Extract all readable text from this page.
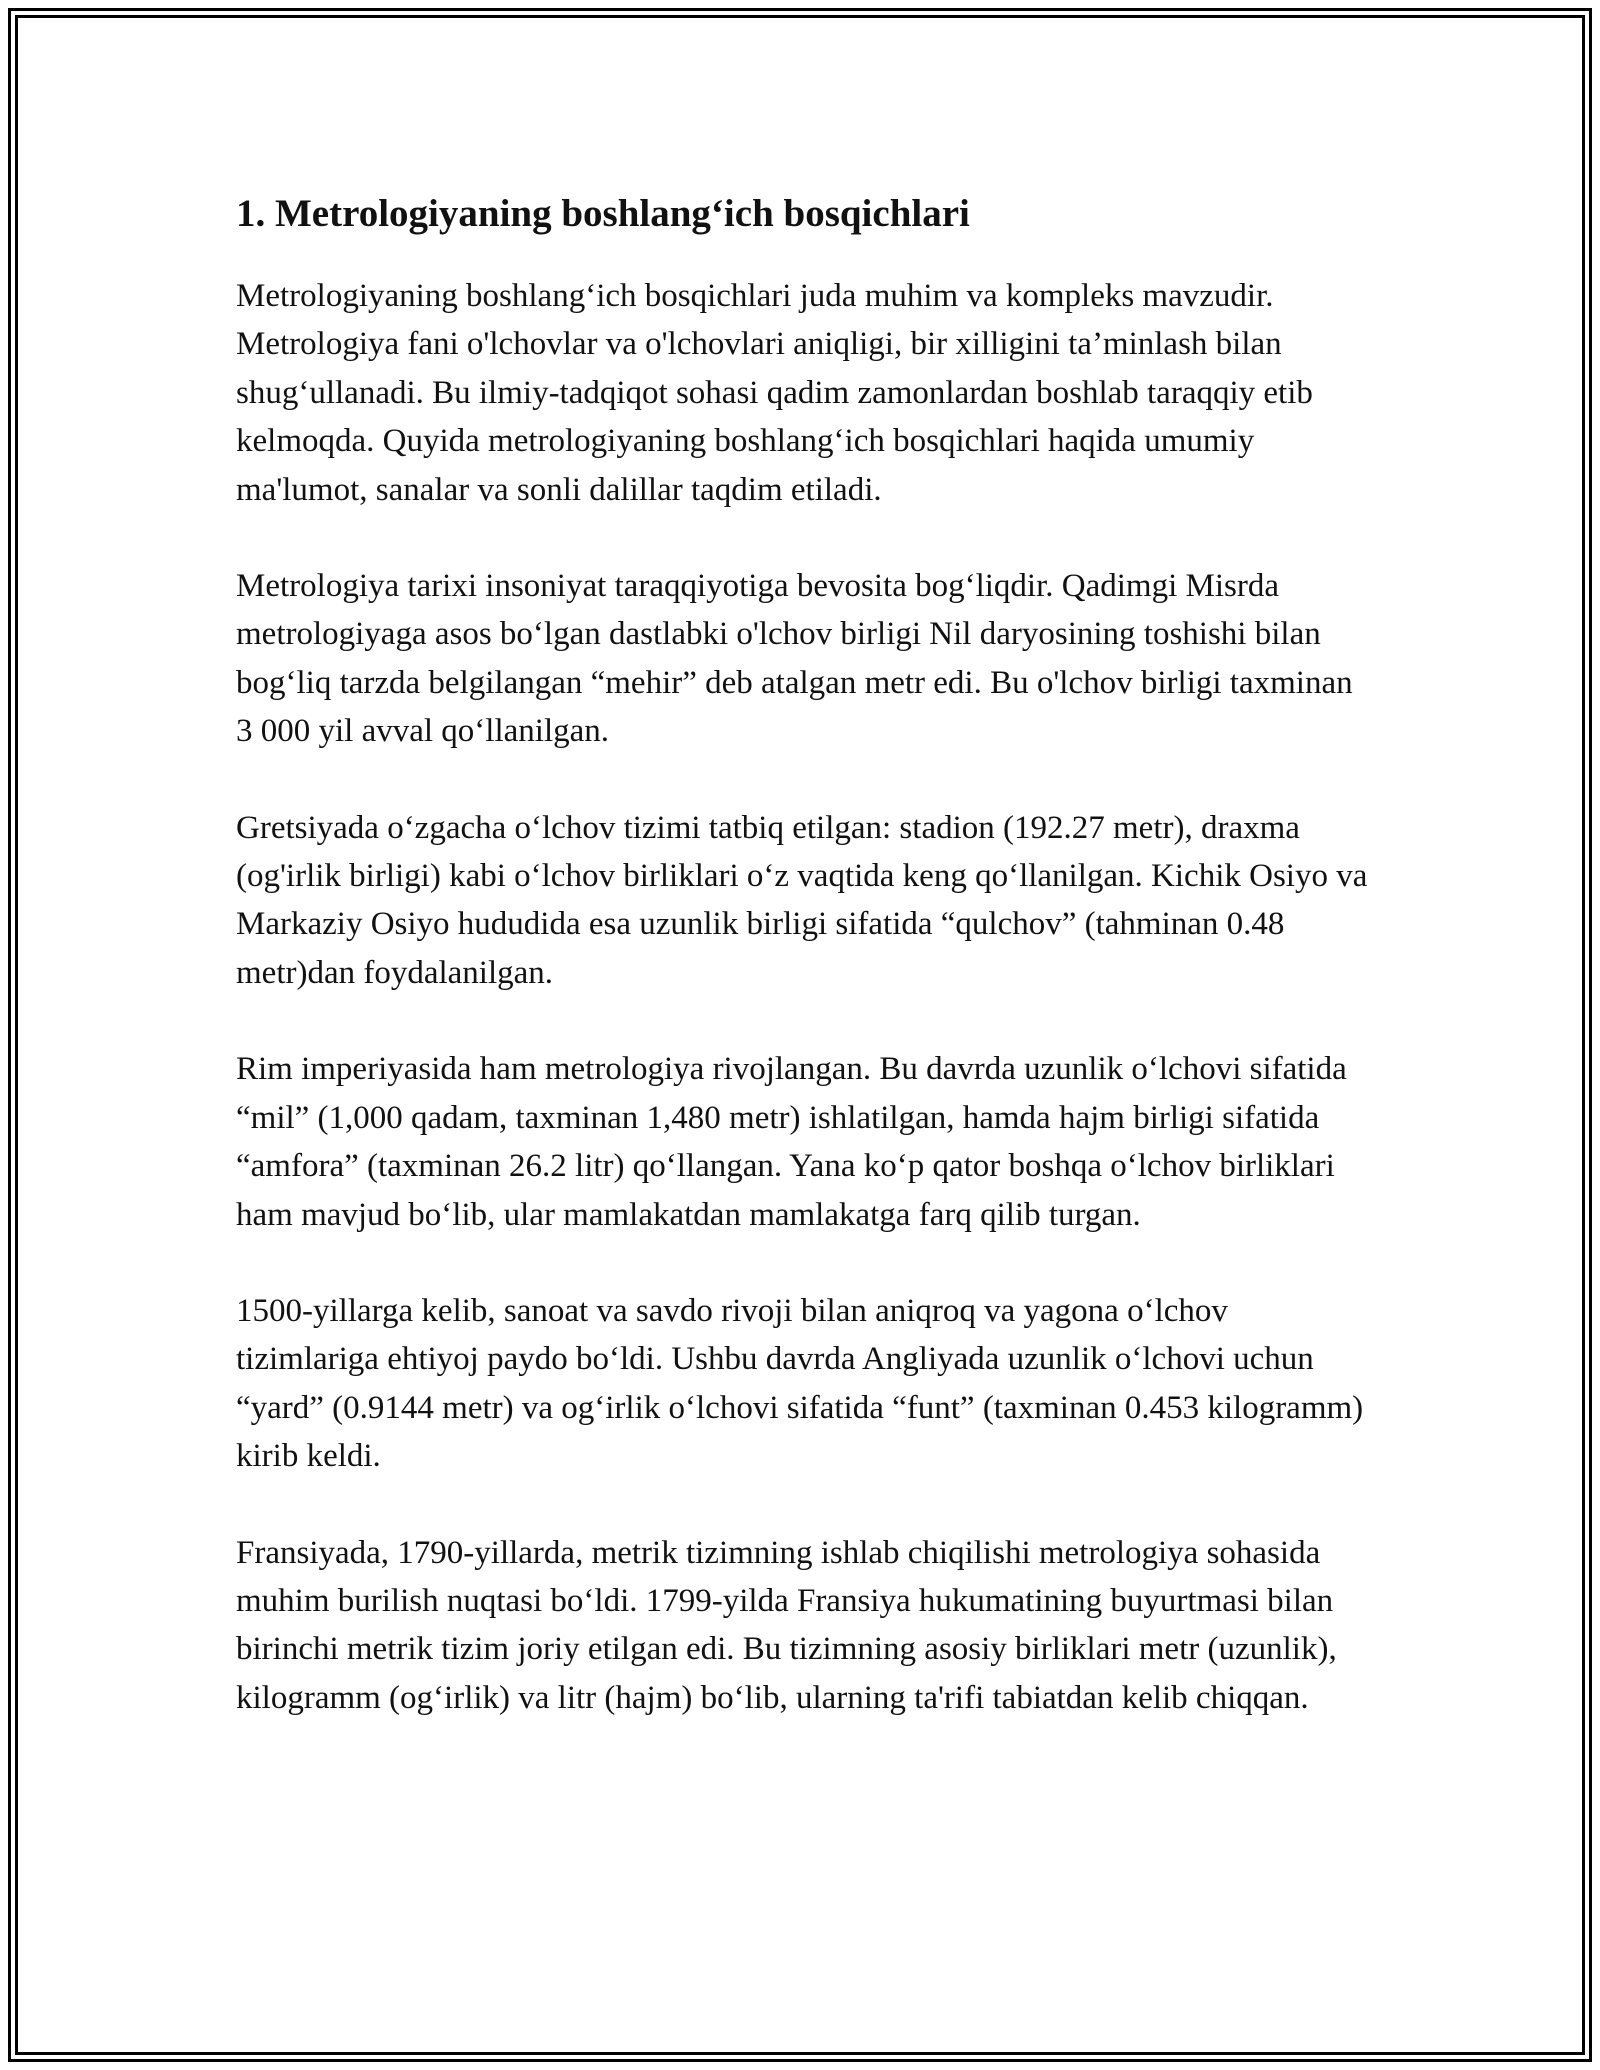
1. Metrologiyaning boshlang‘ich bosqichlari

Metrologiyaning boshlang‘ich bosqichlari juda muhim va kompleks mavzudir. Metrologiya fani o'lchovlar va o'lchovlari aniqligi, bir xilligini ta’minlash bilan shug‘ullanadi. Bu ilmiy-tadqiqot sohasi qadim zamonlardan boshlab taraqqiy etib kelmoqda. Quyida metrologiyaning boshlang‘ich bosqichlari haqida umumiy ma'lumot, sanalar va sonli dalillar taqdim etiladi.

Metrologiya tarixi insoniyat taraqqiyotiga bevosita bog‘liqdir. Qadimgi Misrda metrologiyaga asos bo‘lgan dastlabki o'lchov birligi Nil daryosining toshishi bilan bog‘liq tarzda belgilangan “mehir” deb atalgan metr edi. Bu o'lchov birligi taxminan 3 000 yil avval qo‘llanilgan.

Gretsiyada o‘zgacha o‘lchov tizimi tatbiq etilgan: stadion (192.27 metr), draxma (og'irlik birligi) kabi o‘lchov birliklari o‘z vaqtida keng qo‘llanilgan. Kichik Osiyo va Markaziy Osiyo hududida esa uzunlik birligi sifatida “qulchov” (tahminan 0.48 metr)dan foydalanilgan.

Rim imperiyasida ham metrologiya rivojlangan. Bu davrda uzunlik o‘lchovi sifatida “mil” (1,000 qadam, taxminan 1,480 metr) ishlatilgan, hamda hajm birligi sifatida “amfora” (taxminan 26.2 litr) qo‘llangan. Yana ko‘p qator boshqa o‘lchov birliklari ham mavjud bo‘lib, ular mamlakatdan mamlakatga farq qilib turgan.

1500-yillarga kelib, sanoat va savdo rivoji bilan aniqroq va yagona o‘lchov tizimlariga ehtiyoj paydo bo‘ldi. Ushbu davrda Angliyada uzunlik o‘lchovi uchun “yard” (0.9144 metr) va og‘irlik o‘lchovi sifatida “funt” (taxminan 0.453 kilogramm) kirib keldi.

Fransiyada, 1790-yillarda, metrik tizimning ishlab chiqilishi metrologiya sohasida muhim burilish nuqtasi bo‘ldi. 1799-yilda Fransiya hukumatining buyurtmasi bilan birinchi metrik tizim joriy etilgan edi. Bu tizimning asosiy birliklari metr (uzunlik), kilogramm (og‘irlik) va litr (hajm) bo‘lib, ularning ta'rifi tabiatdan kelib chiqqan.
